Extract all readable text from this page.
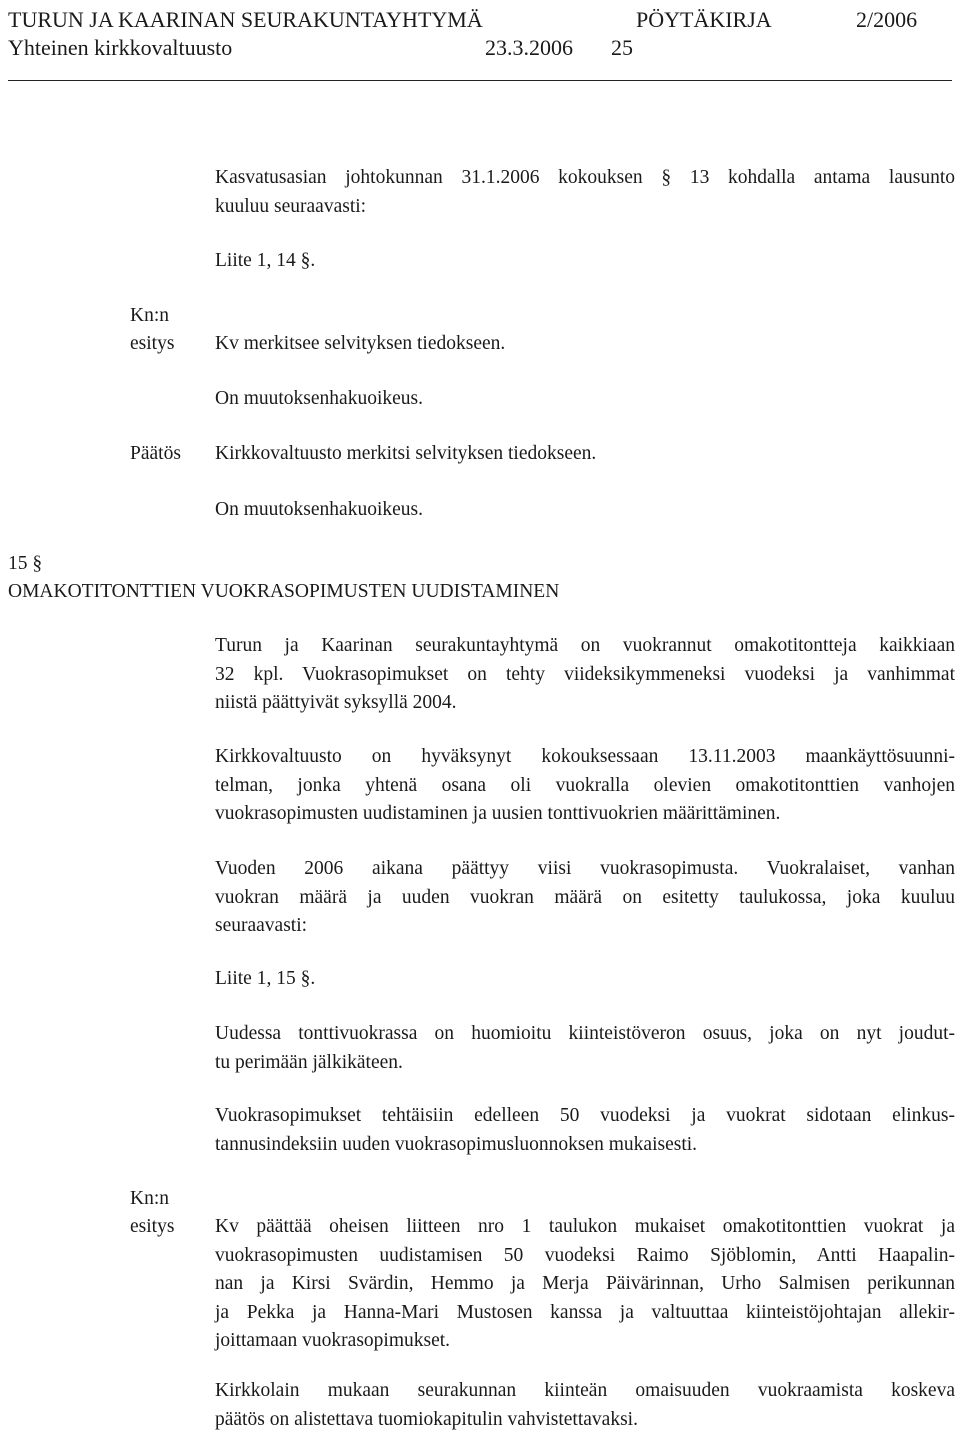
TURUN JA KAARINAN SEURAKUNTAYHTYMÄ	PÖYTÄKIRJA	2/2006
Yhteinen kirkkovaltuusto	23.3.2006 25
Kasvatusasian johtokunnan 31.1.2006 kokouksen § 13 kohdalla antama lausunto
kuuluu seuraavasti:
Liite 1, 14 §.
Kn:n
esitys	Kv merkitsee selvityksen tiedokseen.
On muutoksenhakuoikeus.
Päätös	Kirkkovaltuusto merkitsi selvityksen tiedokseen.
On muutoksenhakuoikeus.
15 §
OMAKOTITONTTIEN VUOKRASOPIMUSTEN UUDISTAMINEN
Turun ja Kaarinan seurakuntayhtymä on vuokrannut omakotitontteja kaikkiaan
32 kpl. Vuokrasopimukset on tehty viideksikymmeneksi vuodeksi ja vanhimmat
niistä päättyivät syksyllä 2004.
Kirkkovaltuusto on hyväksynyt kokouksessaan 13.11.2003 maankäyttösuunni-
telman, jonka yhtenä osana oli vuokralla olevien omakotitonttien vanhojen
vuokrasopimusten uudistaminen ja uusien tonttivuokrien määrittäminen.
Vuoden 2006 aikana päättyy viisi vuokrasopimusta. Vuokralaiset, vanhan
vuokran määrä ja uuden vuokran määrä on esitetty taulukossa, joka kuuluu
seuraavasti:
Liite 1, 15 §.
Uudessa tonttivuokrassa on huomioitu kiinteistöveron osuus, joka on nyt joudut-
tu perimään jälkikäteen.
Vuokrasopimukset tehtäisiin edelleen 50 vuodeksi ja vuokrat sidotaan elinkus-
tannusindeksiin uuden vuokrasopimusluonnoksen mukaisesti.
Kn:n
esitys	Kv päättää oheisen liitteen nro 1 taulukon mukaiset omakotitonttien vuokrat ja
vuokrasopimusten uudistamisen 50 vuodeksi Raimo Sjöblomin, Antti Haapalin-
nan ja Kirsi Svärdin, Hemmo ja Merja Päivärinnan, Urho Salmisen perikunnan
ja Pekka ja Hanna-Mari Mustosen kanssa ja valtuuttaa kiinteistöjohtajan allekir-
joittamaan vuokrasopimukset.
Kirkkolain mukaan seurakunnan kiinteän omaisuuden vuokraamista koskeva
päätös on alistettava tuomiokapitulin vahvistettavaksi.
